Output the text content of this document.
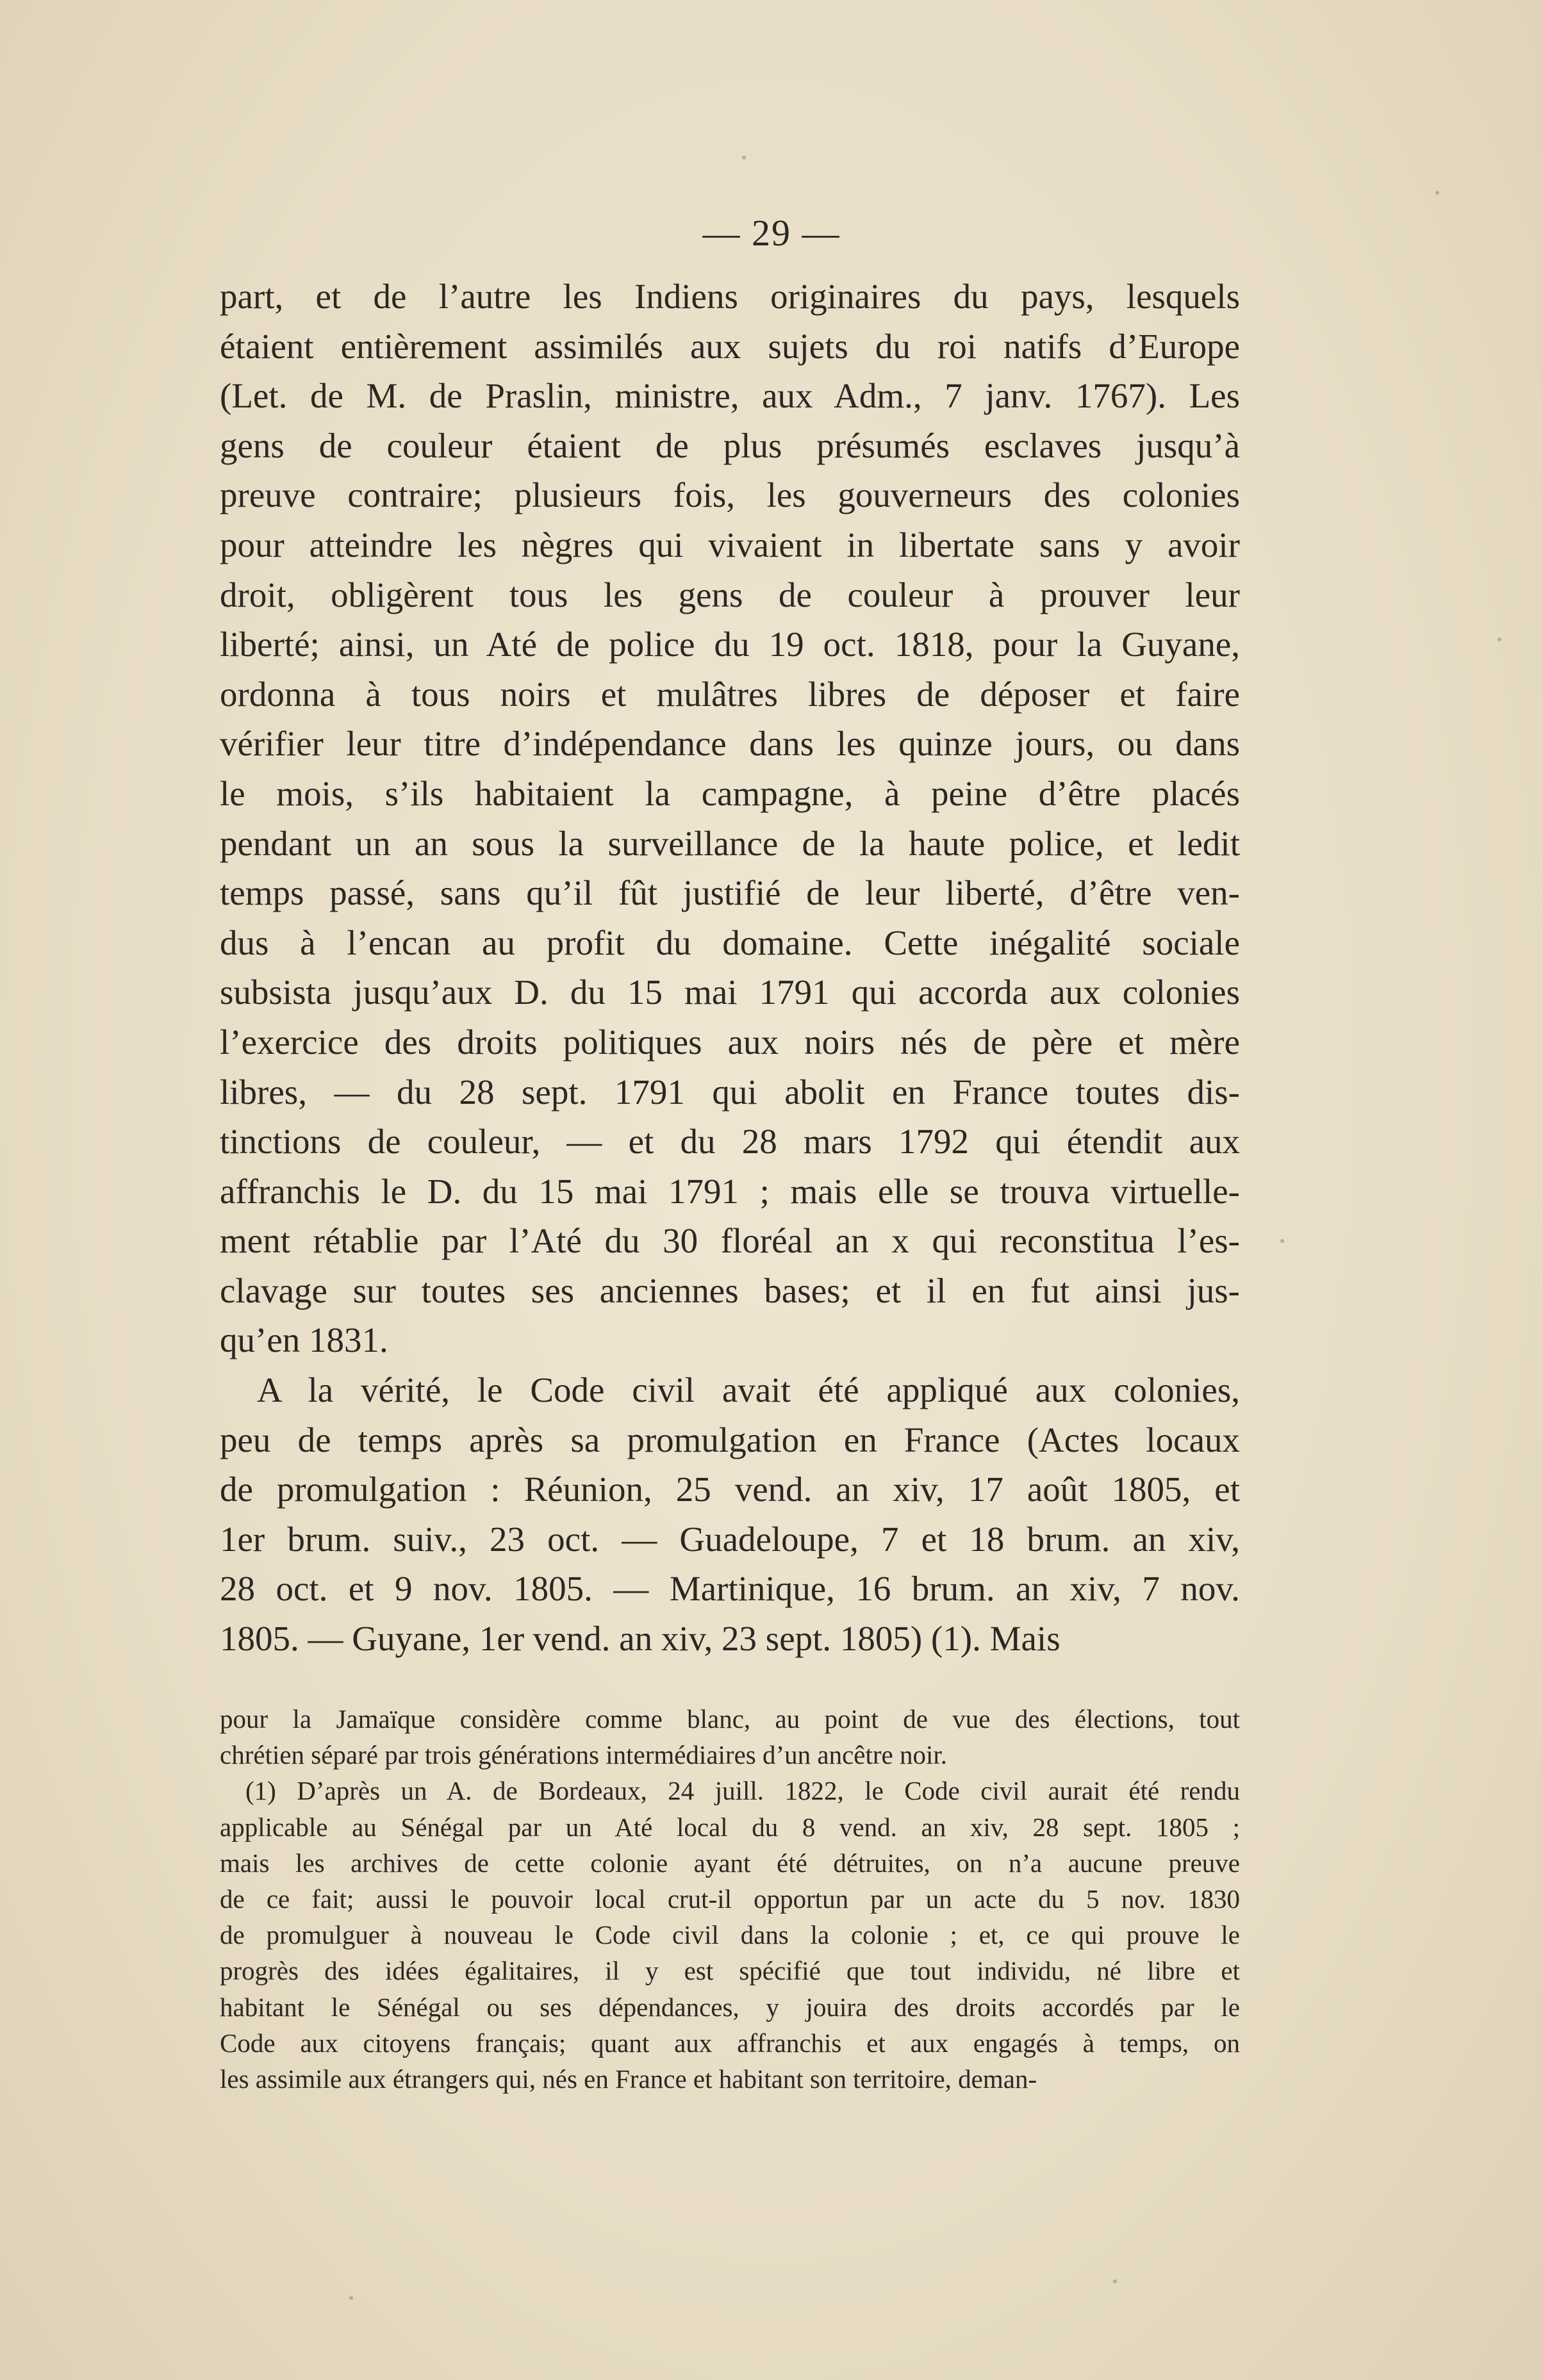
— 29 —
part, et de l’autre les Indiens originaires du pays, lesquels
étaient entièrement assimilés aux sujets du roi natifs d’Europe
(Let. de M. de Praslin, ministre, aux Adm., 7 janv. 1767). Les
gens de couleur étaient de plus présumés esclaves jusqu’à
preuve contraire; plusieurs fois, les gouverneurs des colonies
pour atteindre les nègres qui vivaient in libertate sans y avoir
droit, obligèrent tous les gens de couleur à prouver leur
liberté; ainsi, un Até de police du 19 oct. 1818, pour la Guyane,
ordonna à tous noirs et mulâtres libres de déposer et faire
vérifier leur titre d’indépendance dans les quinze jours, ou dans
le mois, s’ils habitaient la campagne, à peine d’être placés
pendant un an sous la surveillance de la haute police, et ledit
temps passé, sans qu’il fût justifié de leur liberté, d’être ven-
dus à l’encan au profit du domaine. Cette inégalité sociale
subsista jusqu’aux D. du 15 mai 1791 qui accorda aux colonies
l’exercice des droits politiques aux noirs nés de père et mère
libres, — du 28 sept. 1791 qui abolit en France toutes dis-
tinctions de couleur, — et du 28 mars 1792 qui étendit aux
affranchis le D. du 15 mai 1791 ; mais elle se trouva virtuelle-
ment rétablie par l’Até du 30 floréal an x qui reconstitua l’es-
clavage sur toutes ses anciennes bases; et il en fut ainsi jus-
qu’en 1831.
A la vérité, le Code civil avait été appliqué aux colonies,
peu de temps après sa promulgation en France (Actes locaux
de promulgation : Réunion, 25 vend. an xiv, 17 août 1805, et
1er brum. suiv., 23 oct. — Guadeloupe, 7 et 18 brum. an xiv,
28 oct. et 9 nov. 1805. — Martinique, 16 brum. an xiv, 7 nov.
1805. — Guyane, 1er vend. an xiv, 23 sept. 1805) (1). Mais
pour la Jamaïque considère comme blanc, au point de vue des élections, tout
chrétien séparé par trois générations intermédiaires d’un ancêtre noir.
(1) D’après un A. de Bordeaux, 24 juill. 1822, le Code civil aurait été rendu
applicable au Sénégal par un Até local du 8 vend. an xiv, 28 sept. 1805 ;
mais les archives de cette colonie ayant été détruites, on n’a aucune preuve
de ce fait; aussi le pouvoir local crut-il opportun par un acte du 5 nov. 1830
de promulguer à nouveau le Code civil dans la colonie ; et, ce qui prouve le
progrès des idées égalitaires, il y est spécifié que tout individu, né libre et
habitant le Sénégal ou ses dépendances, y jouira des droits accordés par le
Code aux citoyens français; quant aux affranchis et aux engagés à temps, on
les assimile aux étrangers qui, nés en France et habitant son territoire, deman-
